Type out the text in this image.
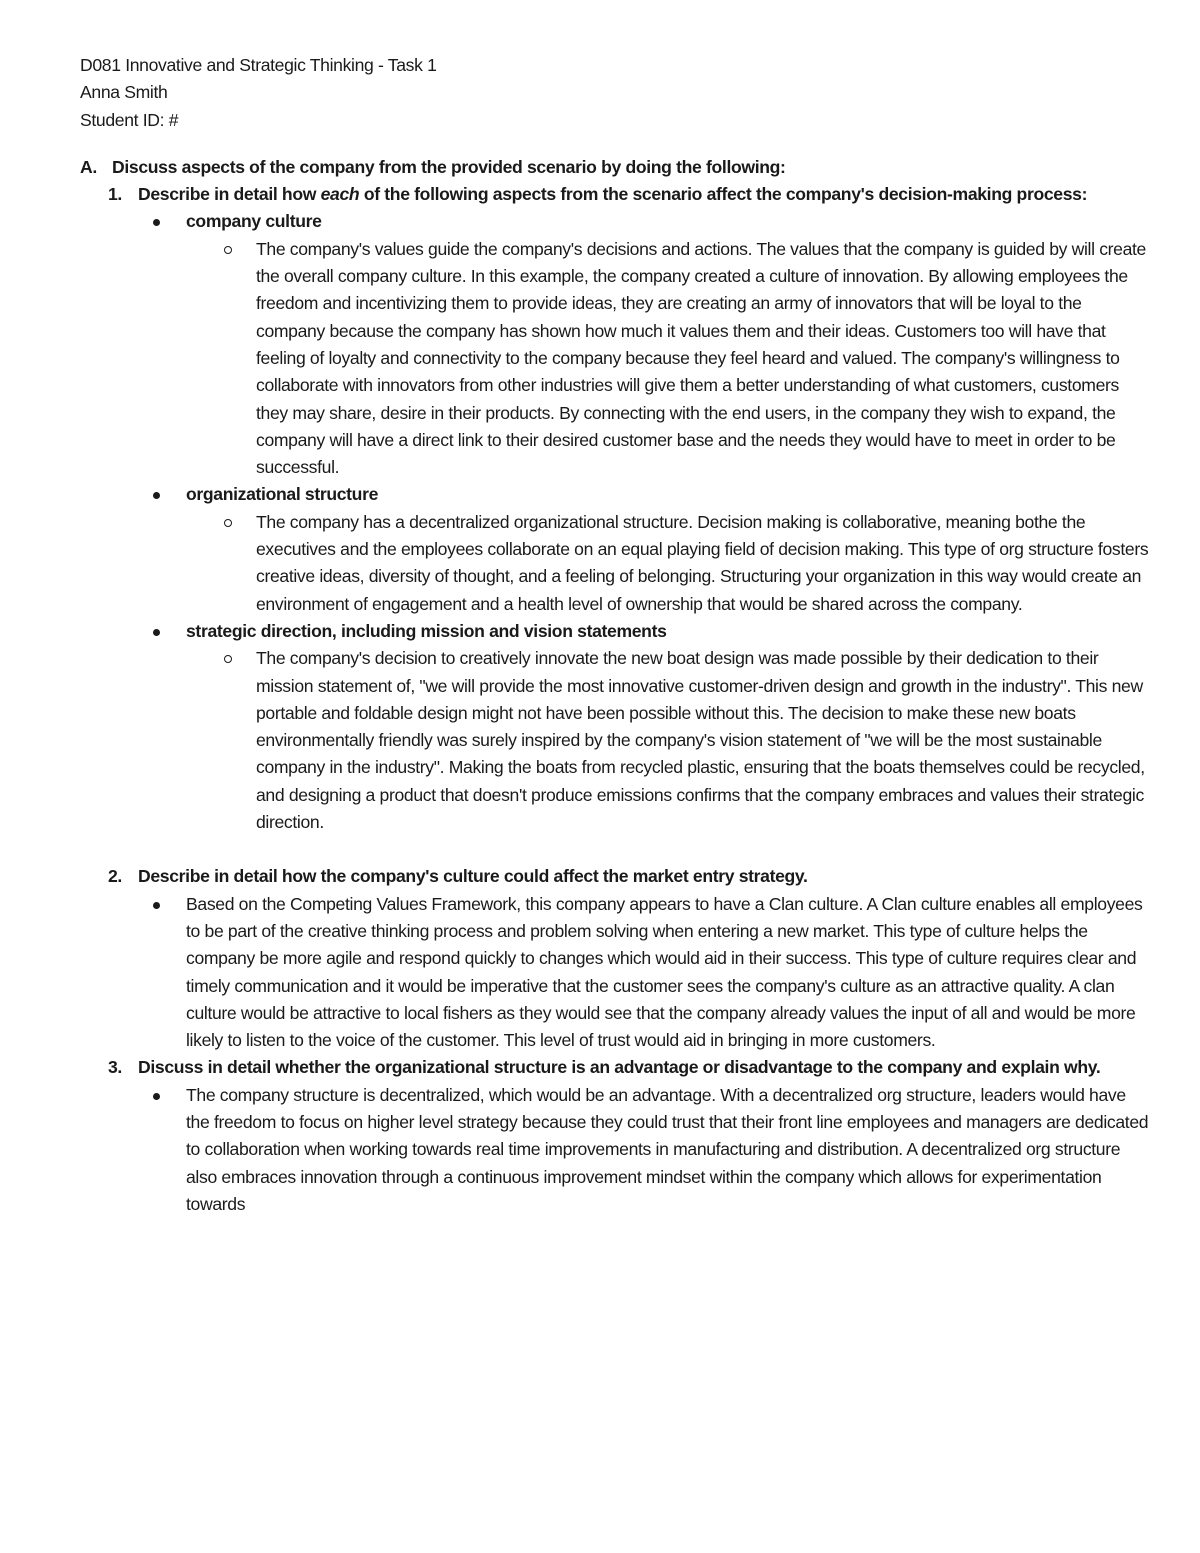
D081 Innovative and Strategic Thinking - Task 1
Anna Smith
Student ID: #
A. Discuss aspects of the company from the provided scenario by doing the following:
1. Describe in detail how each of the following aspects from the scenario affect the company's decision-making process:
company culture
The company's values guide the company's decisions and actions. The values that the company is guided by will create the overall company culture. In this example, the company created a culture of innovation. By allowing employees the freedom and incentivizing them to provide ideas, they are creating an army of innovators that will be loyal to the company because the company has shown how much it values them and their ideas. Customers too will have that feeling of loyalty and connectivity to the company because they feel heard and valued. The company's willingness to collaborate with innovators from other industries will give them a better understanding of what customers, customers they may share, desire in their products. By connecting with the end users, in the company they wish to expand, the company will have a direct link to their desired customer base and the needs they would have to meet in order to be successful.
organizational structure
The company has a decentralized organizational structure. Decision making is collaborative, meaning bothe the executives and the employees collaborate on an equal playing field of decision making. This type of org structure fosters creative ideas, diversity of thought, and a feeling of belonging. Structuring your organization in this way would create an environment of engagement and a health level of ownership that would be shared across the company.
strategic direction, including mission and vision statements
The company's decision to creatively innovate the new boat design was made possible by their dedication to their mission statement of, "we will provide the most innovative customer-driven design and growth in the industry". This new portable and foldable design might not have been possible without this. The decision to make these new boats environmentally friendly was surely inspired by the company's vision statement of "we will be the most sustainable company in the industry". Making the boats from recycled plastic, ensuring that the boats themselves could be recycled, and designing a product that doesn't produce emissions confirms that the company embraces and values their strategic direction.
2. Describe in detail how the company's culture could affect the market entry strategy.
Based on the Competing Values Framework, this company appears to have a Clan culture. A Clan culture enables all employees to be part of the creative thinking process and problem solving when entering a new market. This type of culture helps the company be more agile and respond quickly to changes which would aid in their success. This type of culture requires clear and timely communication and it would be imperative that the customer sees the company's culture as an attractive quality. A clan culture would be attractive to local fishers as they would see that the company already values the input of all and would be more likely to listen to the voice of the customer. This level of trust would aid in bringing in more customers.
3. Discuss in detail whether the organizational structure is an advantage or disadvantage to the company and explain why.
The company structure is decentralized, which would be an advantage. With a decentralized org structure, leaders would have the freedom to focus on higher level strategy because they could trust that their front line employees and managers are dedicated to collaboration when working towards real time improvements in manufacturing and distribution. A decentralized org structure also embraces innovation through a continuous improvement mindset within the company which allows for experimentation towards
